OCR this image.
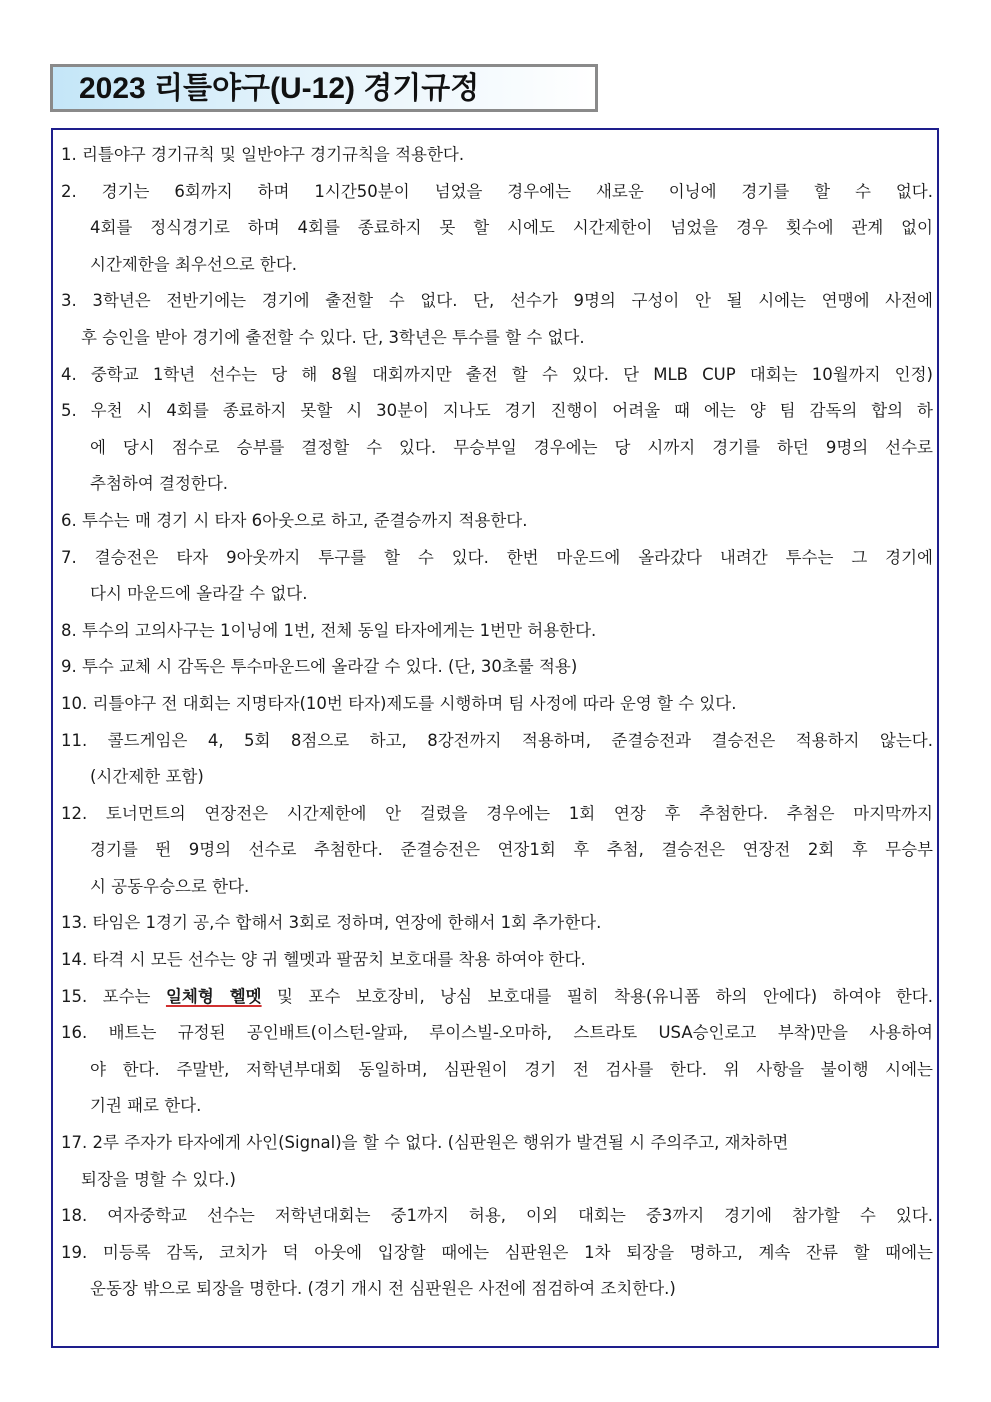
2023 리틀야구(U-12) 경기규정
1. 리틀야구 경기규칙 및 일반야구 경기규칙을 적용한다.
2. 경기는 6회까지 하며 1시간50분이 넘었을 경우에는 새로운 이닝에 경기를 할 수 없다.
4회를 정식경기로 하며 4회를 종료하지 못 할 시에도 시간제한이 넘었을 경우 횟수에 관계 없이
시간제한을 최우선으로 한다.
3. 3학년은 전반기에는 경기에 출전할 수 없다. 단, 선수가 9명의 구성이 안 될 시에는 연맹에 사전에
후 승인을 받아 경기에 출전할 수 있다. 단, 3학년은 투수를 할 수 없다.
4. 중학교 1학년 선수는 당 해 8월 대회까지만 출전 할 수 있다. 단 MLB CUP 대회는 10월까지 인정)
5. 우천 시 4회를 종료하지 못할 시 30분이 지나도 경기 진행이 어려울 때 에는 양 팀 감독의 합의 하
에 당시 점수로 승부를 결정할 수 있다. 무승부일 경우에는 당 시까지 경기를 하던 9명의 선수로
추첨하여 결정한다.
6. 투수는 매 경기 시 타자 6아웃으로 하고, 준결승까지 적용한다.
7. 결승전은 타자 9아웃까지 투구를 할 수 있다. 한번 마운드에 올라갔다 내려간 투수는 그 경기에
다시 마운드에 올라갈 수 없다.
8. 투수의 고의사구는 1이닝에 1번, 전체 동일 타자에게는 1번만 허용한다.
9. 투수 교체 시 감독은 투수마운드에 올라갈 수 있다. (단, 30초룰 적용)
10. 리틀야구 전 대회는 지명타자(10번 타자)제도를 시행하며 팀 사정에 따라 운영 할 수 있다.
11. 콜드게임은 4, 5회 8점으로 하고, 8강전까지 적용하며, 준결승전과 결승전은 적용하지 않는다.
(시간제한 포함)
12. 토너먼트의 연장전은 시간제한에 안 걸렸을 경우에는 1회 연장 후 추첨한다. 추첨은 마지막까지
경기를 뛴 9명의 선수로 추첨한다. 준결승전은 연장1회 후 추첨, 결승전은 연장전 2회 후 무승부
시 공동우승으로 한다.
13. 타임은 1경기 공,수 합해서 3회로 정하며, 연장에 한해서 1회 추가한다.
14. 타격 시 모든 선수는 양 귀 헬멧과 팔꿈치 보호대를 착용 하여야 한다.
15. 포수는 일체형 헬멧 및 포수 보호장비, 낭심 보호대를 필히 착용(유니폼 하의 안에다) 하여야 한다.
16. 배트는 규정된 공인배트(이스턴-알파, 루이스빌-오마하, 스트라토 USA승인로고 부착)만을 사용하여
야 한다. 주말반, 저학년부대회 동일하며, 심판원이 경기 전 검사를 한다. 위 사항을 불이행 시에는
기권 패로 한다.
17. 2루 주자가 타자에게 사인(Signal)을 할 수 없다. (심판원은 행위가 발견될 시 주의주고, 재차하면
퇴장을 명할 수 있다.)
18. 여자중학교 선수는 저학년대회는 중1까지 허용, 이외 대회는 중3까지 경기에 참가할 수 있다.
19. 미등록 감독, 코치가 덕 아웃에 입장할 때에는 심판원은 1차 퇴장을 명하고, 계속 잔류 할 때에는
운동장 밖으로 퇴장을 명한다. (경기 개시 전 심판원은 사전에 점검하여 조치한다.)
